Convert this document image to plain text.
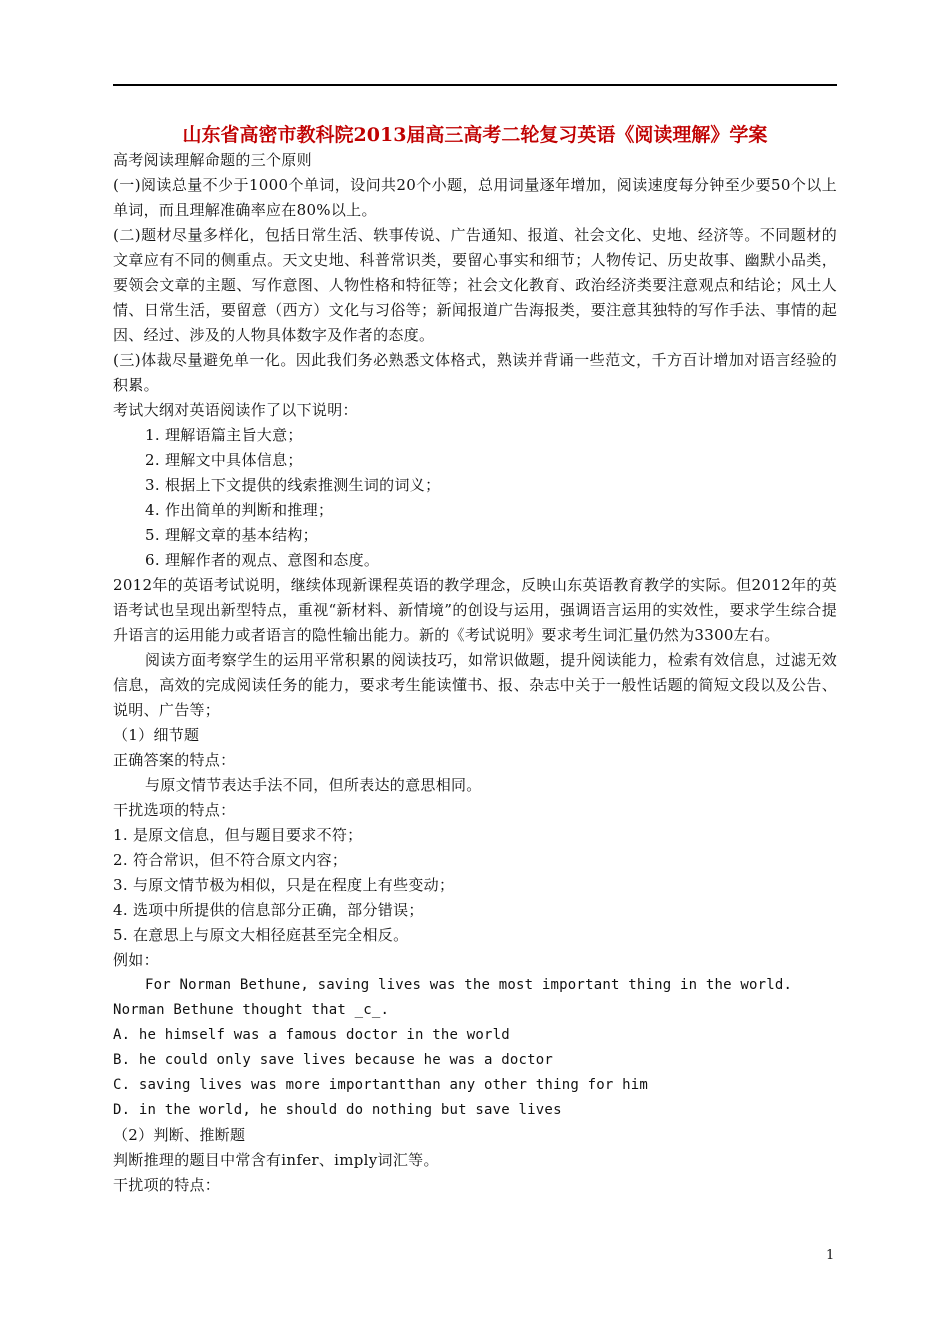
山东省高密市教科院2013届高三高考二轮复习英语《阅读理解》学案

高考阅读理解命题的三个原则

(一)阅读总量不少于1000个单词，设问共20个小题，总用词量逐年增加，阅读速度每分钟至少要50个以上单词，而且理解准确率应在80%以上。

(二)题材尽量多样化，包括日常生活、轶事传说、广告通知、报道、社会文化、史地、经济等。不同题材的文章应有不同的侧重点。天文史地、科普常识类，要留心事实和细节；人物传记、历史故事、幽默小品类，要领会文章的主题、写作意图、人物性格和特征等；社会文化教育、政治经济类要注意观点和结论；风土人情、日常生活，要留意（西方）文化与习俗等；新闻报道广告海报类，要注意其独特的写作手法、事情的起因、经过、涉及的人物具体数字及作者的态度。

(三)体裁尽量避免单一化。因此我们务必熟悉文体格式，熟读并背诵一些范文，千方百计增加对语言经验的积累。

考试大纲对英语阅读作了以下说明：

1. 理解语篇主旨大意；

2. 理解文中具体信息；

3. 根据上下文提供的线索推测生词的词义；

4. 作出简单的判断和推理；

5. 理解文章的基本结构；

6. 理解作者的观点、意图和态度。

2012年的英语考试说明，继续体现新课程英语的教学理念，反映山东英语教育教学的实际。但2012年的英语考试也呈现出新型特点，重视“新材料、新情境”的创设与运用，强调语言运用的实效性，要求学生综合提升语言的运用能力或者语言的隐性输出能力。新的《考试说明》要求考生词汇量仍然为3300左右。

阅读方面考察学生的运用平常积累的阅读技巧，如常识做题，提升阅读能力，检索有效信息，过滤无效信息，高效的完成阅读任务的能力，要求考生能读懂书、报、杂志中关于一般性话题的简短文段以及公告、说明、广告等；

（1）细节题

正确答案的特点：

与原文情节表达手法不同，但所表达的意思相同。

干扰选项的特点：

1. 是原文信息，但与题目要求不符；

2. 符合常识，但不符合原文内容；

3. 与原文情节极为相似，只是在程度上有些变动；

4. 选项中所提供的信息部分正确，部分错误；

5. 在意思上与原文大相径庭甚至完全相反。

例如：

For Norman Bethune, saving lives was the most important thing in the world.

Norman Bethune thought that _c_.

A. he himself was a famous doctor in the world

B. he could only save lives because he was a doctor

C. saving lives was more importantthan any other thing for him

D. in the world, he should do nothing but save lives

（2）判断、推断题

判断推理的题目中常含有infer、imply词汇等。

干扰项的特点：

1
